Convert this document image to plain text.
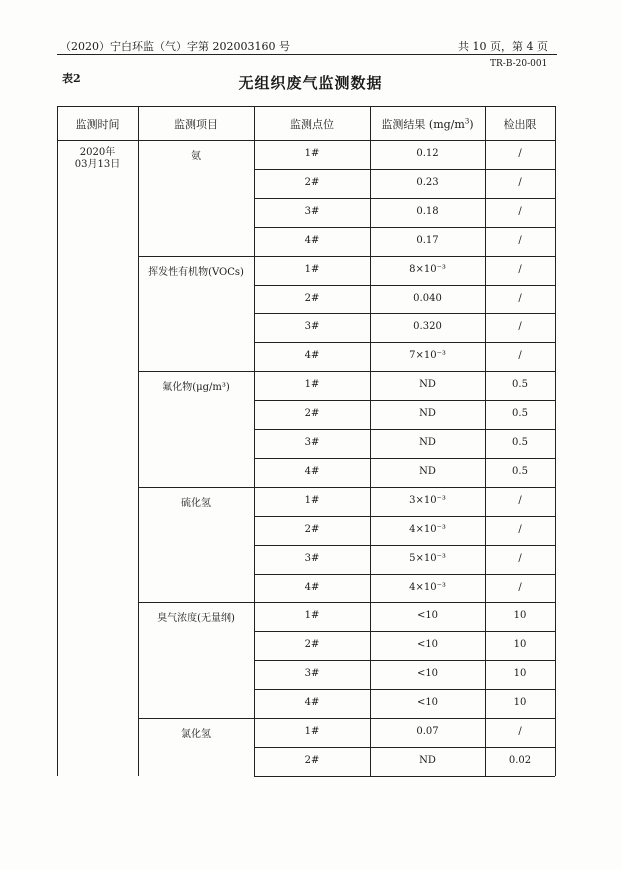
（2020）宁白环监（气）字第 202003160 号	共 10 页，第 4 页
TR-B-20-001
表2	无组织废气监测数据
监测时间	监测项目	监测点位	监测结果 $(mg/m^3)$	检出限
2020年
03月13日
氨	1#	0.12	/
2#	0.23	/
3#	0.18	/
4#	0.17	/
挥发性有机物(VOCs)	1#	8×10⁻³	/
2#	0.040	/
3#	0.320	/
4#	7×10⁻³	/
氟化物(μg/m³)	1#	ND	0.5
2#	ND	0.5
3#	ND	0.5
4#	ND	0.5
硫化氢	1#	3×10⁻³	/
2#	4×10⁻³	/
3#	5×10⁻³	/
4#	4×10⁻³	/
臭气浓度(无量纲)	1#	<10	10
2#	<10	10
3#	<10	10
4#	<10	10
氯化氢	1#	0.07	/
2#	ND	0.02
